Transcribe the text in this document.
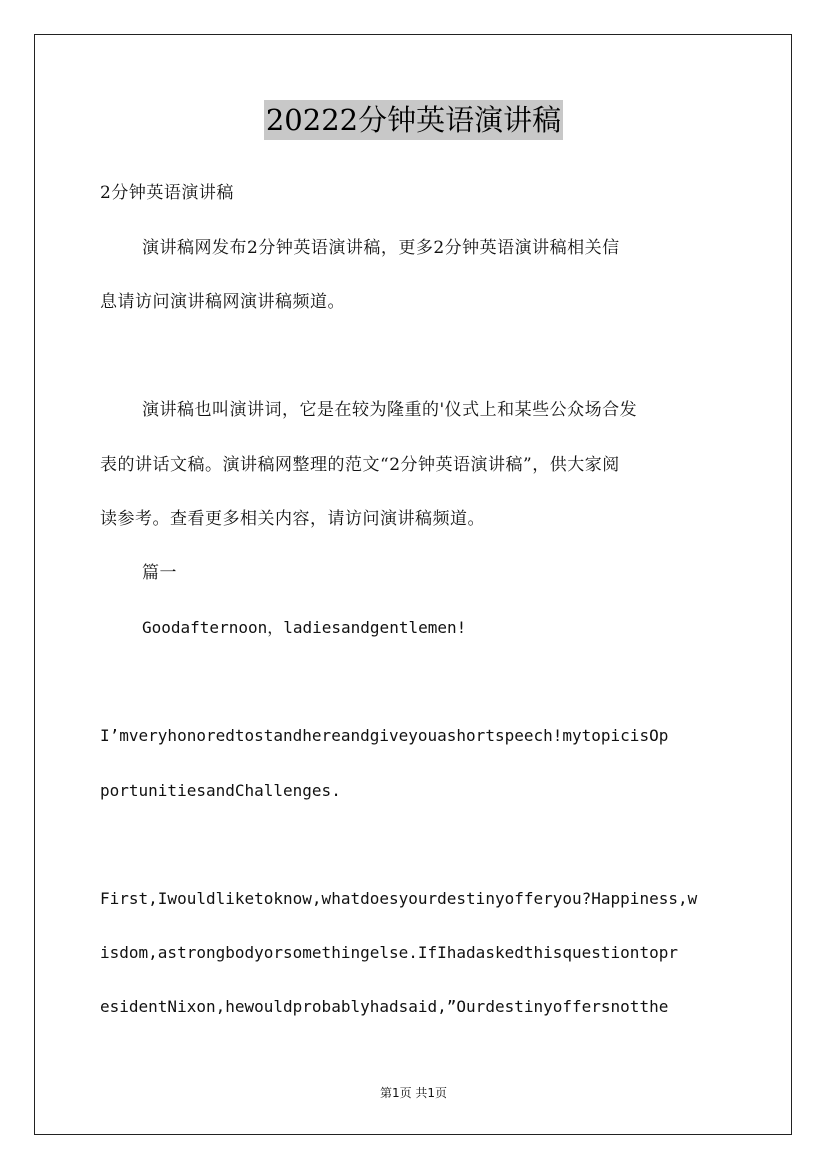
20222分钟英语演讲稿
2分钟英语演讲稿
演讲稿网发布2分钟英语演讲稿，更多2分钟英语演讲稿相关信
息请访问演讲稿网演讲稿频道。
演讲稿也叫演讲词，它是在较为隆重的'仪式上和某些公众场合发
表的讲话文稿。演讲稿网整理的范文“2分钟英语演讲稿”，供大家阅
读参考。查看更多相关内容，请访问演讲稿频道。
篇一
Goodafternoon，ladiesandgentlemen!
I’mveryhonoredtostandhereandgiveyouashortspeech!mytopicisOp
portunitiesandChallenges.
First,Iwouldliketoknow,whatdoesyourdestinyofferyou?Happiness,w
isdom,astrongbodyorsomethingelse.IfIhadaskedthisquestiontopr
esidentNixon,hewouldprobablyhadsaid,”Ourdestinyoffersnotthe
第1页 共1页
